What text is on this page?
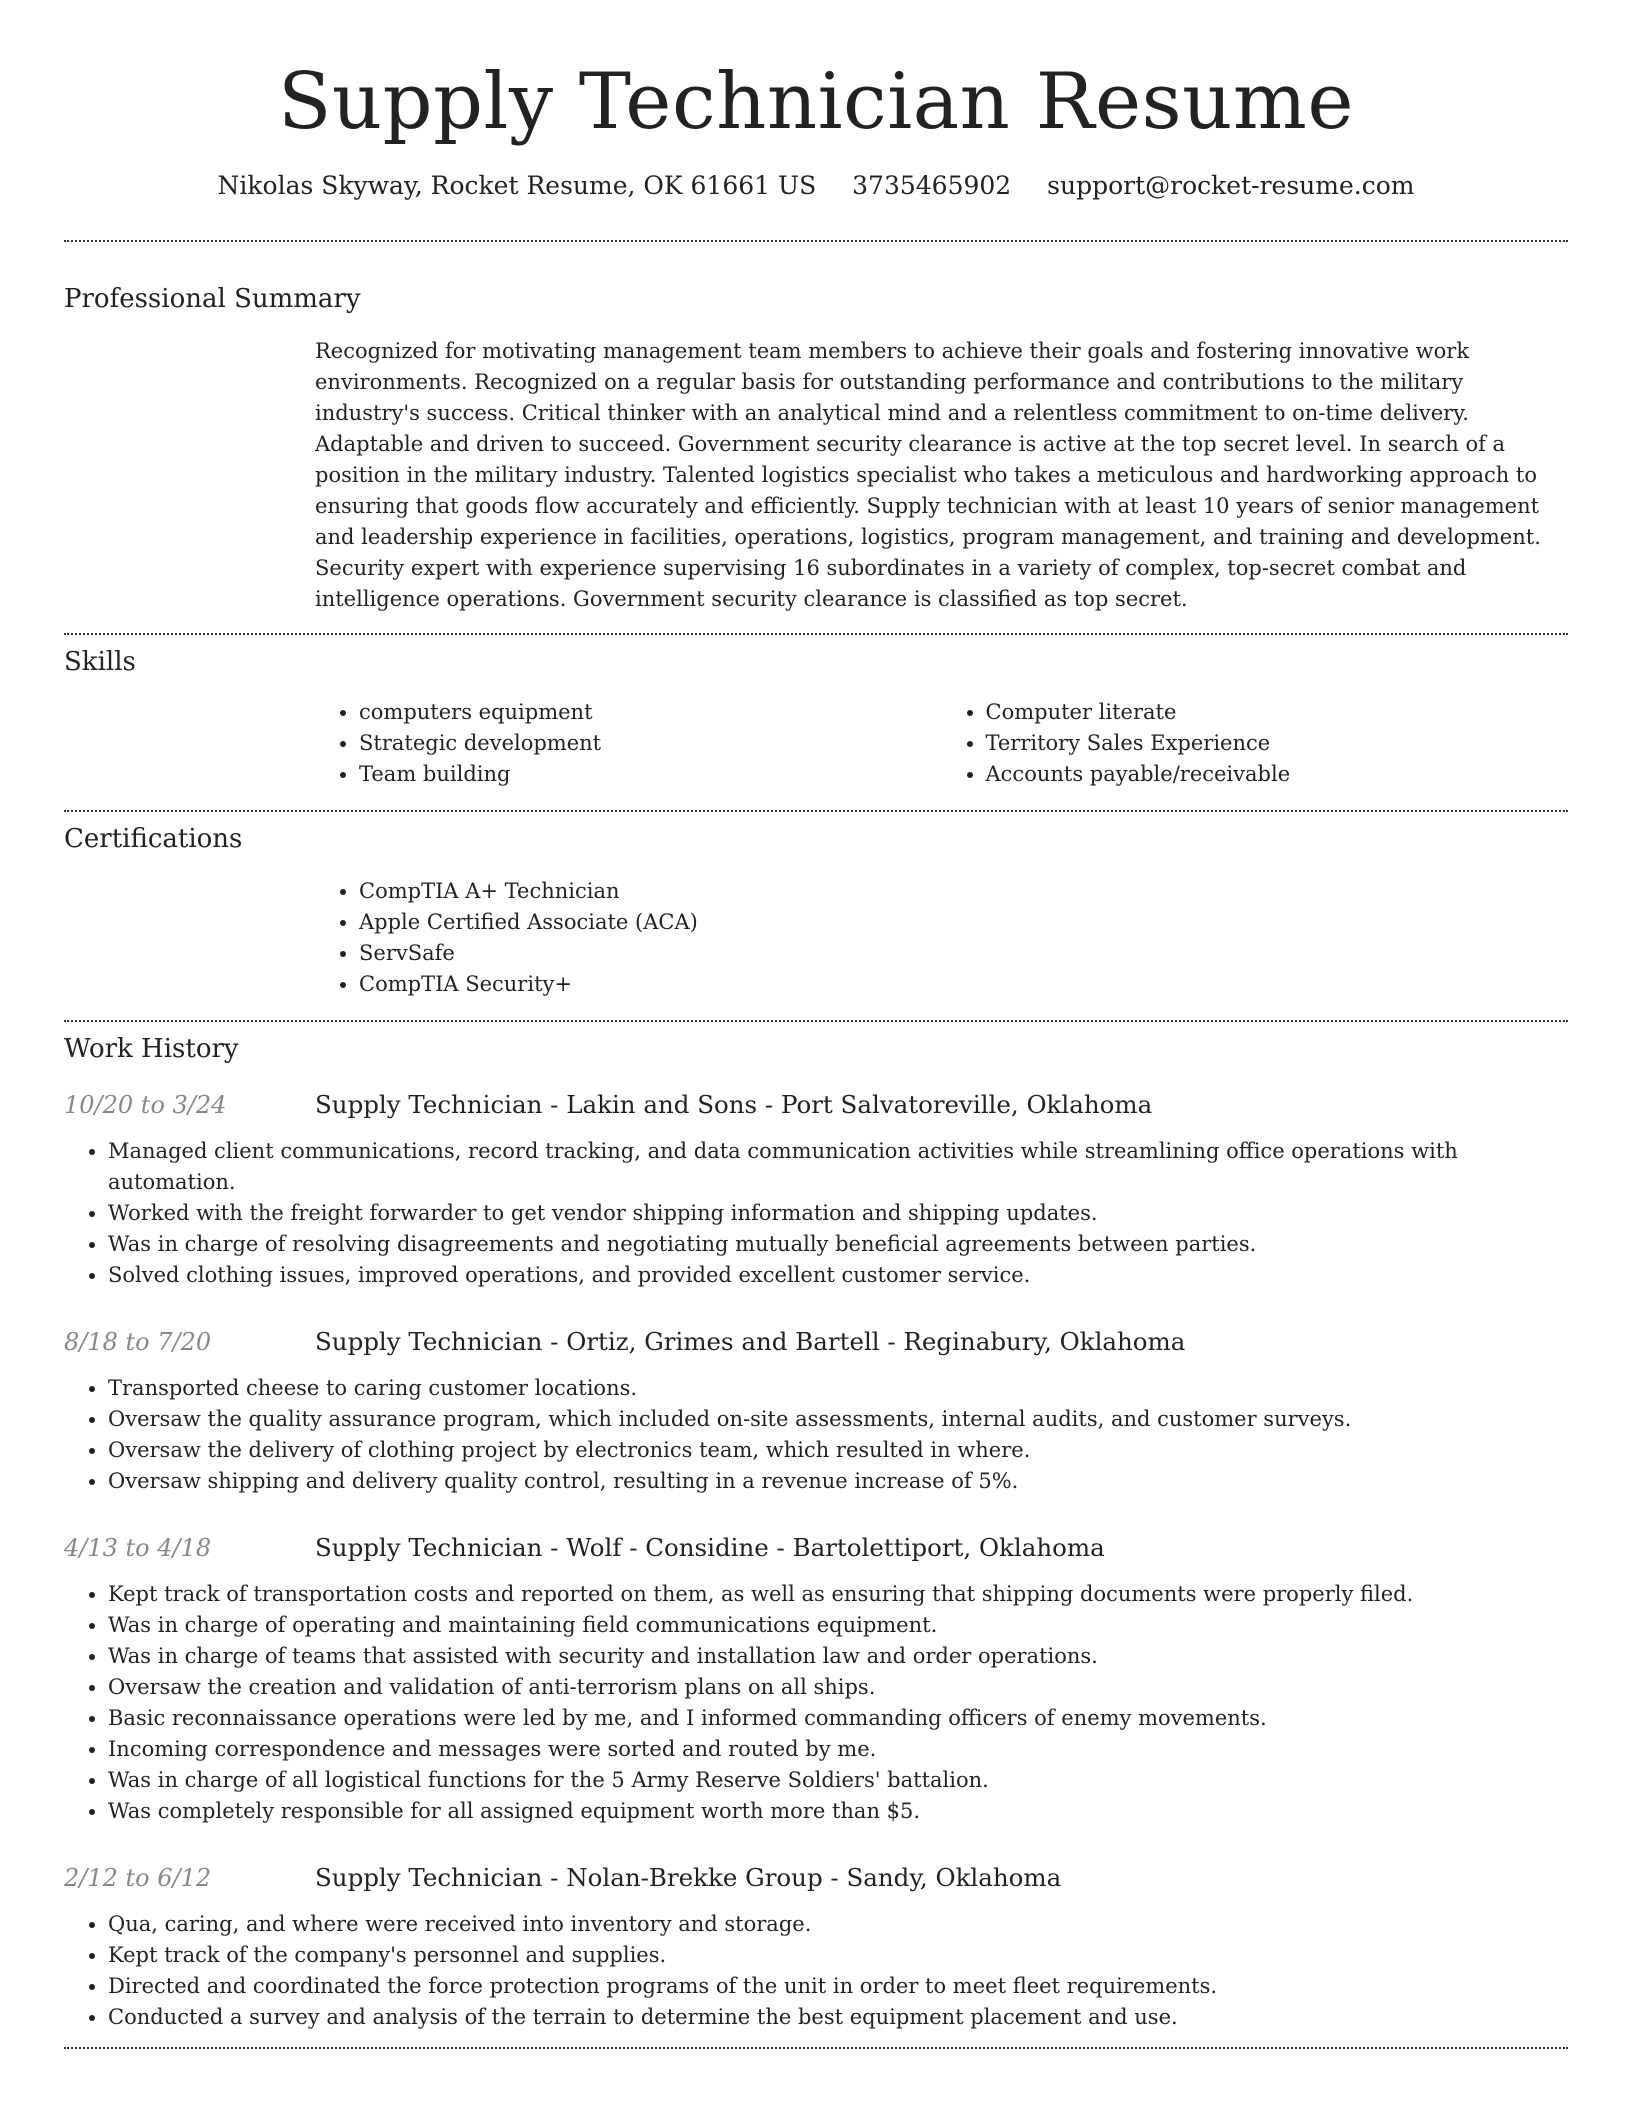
Supply Technician Resume
Nikolas Skyway, Rocket Resume, OK 61661 US 3735465902 support@rocket-resume.com
Professional Summary

Recognized for motivating management team members to achieve their goals and fostering innovative work environments. Recognized on a regular basis for outstanding performance and contributions to the military industry's success. Critical thinker with an analytical mind and a relentless commitment to on-time delivery. Adaptable and driven to succeed. Government security clearance is active at the top secret level. In search of a position in the military industry. Talented logistics specialist who takes a meticulous and hardworking approach to ensuring that goods flow accurately and efficiently. Supply technician with at least 10 years of senior management and leadership experience in facilities, operations, logistics, program management, and training and development. Security expert with experience supervising 16 subordinates in a variety of complex, top-secret combat and intelligence operations. Government security clearance is classified as top secret.

Skills
• computers equipment
• Strategic development
• Team building
• Computer literate
• Territory Sales Experience
• Accounts payable/receivable
Certifications
• CompTIA A+ Technician
• Apple Certified Associate (ACA)
• ServSafe
• CompTIA Security+
Work History
10/20 to 3/24	Supply Technician - Lakin and Sons - Port Salvatoreville, Oklahoma
• Managed client communications, record tracking, and data communication activities while streamlining office operations with automation.
• Worked with the freight forwarder to get vendor shipping information and shipping updates.
• Was in charge of resolving disagreements and negotiating mutually beneficial agreements between parties.
• Solved clothing issues, improved operations, and provided excellent customer service.
8/18 to 7/20	Supply Technician - Ortiz, Grimes and Bartell - Reginabury, Oklahoma
• Transported cheese to caring customer locations.
• Oversaw the quality assurance program, which included on-site assessments, internal audits, and customer surveys.
• Oversaw the delivery of clothing project by electronics team, which resulted in where.
• Oversaw shipping and delivery quality control, resulting in a revenue increase of 5%.
4/13 to 4/18	Supply Technician - Wolf - Considine - Bartolettiport, Oklahoma
• Kept track of transportation costs and reported on them, as well as ensuring that shipping documents were properly filed.
• Was in charge of operating and maintaining field communications equipment.
• Was in charge of teams that assisted with security and installation law and order operations.
• Oversaw the creation and validation of anti-terrorism plans on all ships.
• Basic reconnaissance operations were led by me, and I informed commanding officers of enemy movements.
• Incoming correspondence and messages were sorted and routed by me.
• Was in charge of all logistical functions for the 5 Army Reserve Soldiers' battalion.
• Was completely responsible for all assigned equipment worth more than $5.
2/12 to 6/12	Supply Technician - Nolan-Brekke Group - Sandy, Oklahoma
• Qua, caring, and where were received into inventory and storage.
• Kept track of the company's personnel and supplies.
• Directed and coordinated the force protection programs of the unit in order to meet fleet requirements.
• Conducted a survey and analysis of the terrain to determine the best equipment placement and use.
